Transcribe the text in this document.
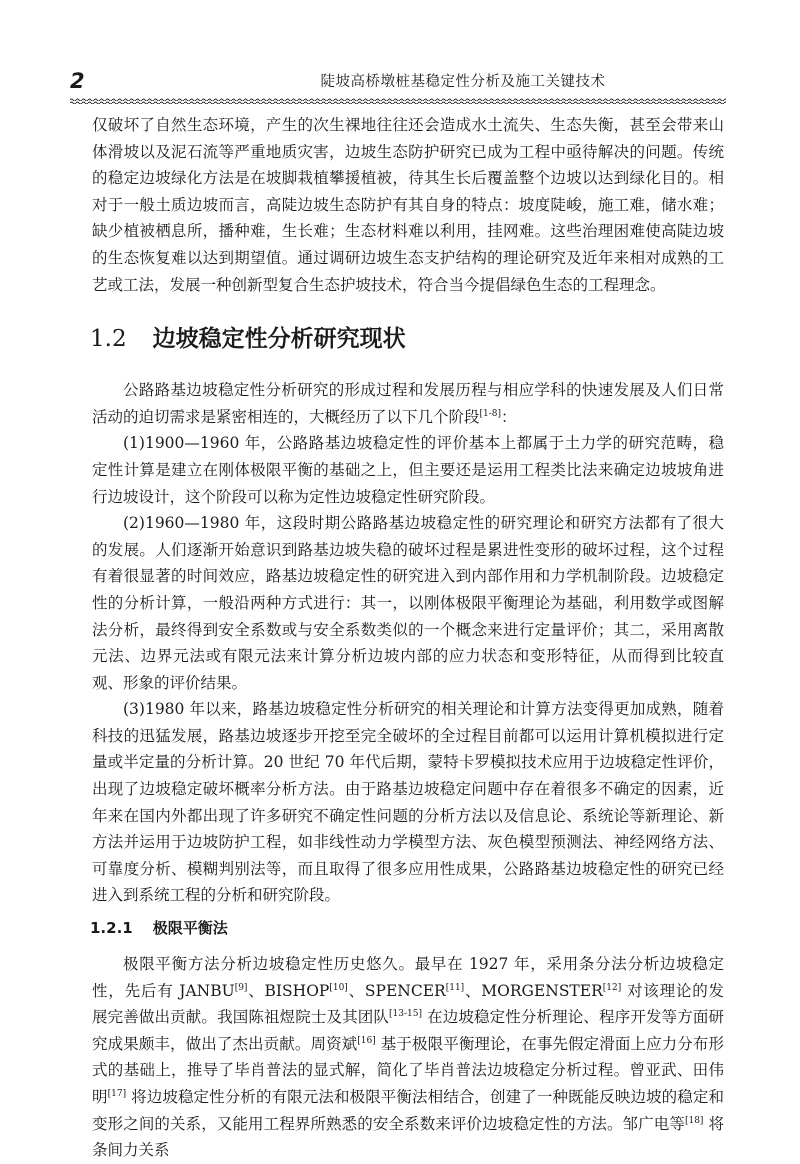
2	陡坡高桥墩桩基稳定性分析及施工关键技术

仅破坏了自然生态环境，产生的次生裸地往往还会造成水土流失、生态失衡，甚至会带来山体滑坡以及泥石流等严重地质灾害，边坡生态防护研究已成为工程中亟待解决的问题。传统的稳定边坡绿化方法是在坡脚栽植攀援植被，待其生长后覆盖整个边坡以达到绿化目的。相对于一般土质边坡而言，高陡边坡生态防护有其自身的特点：坡度陡峻，施工难，储水难；缺少植被栖息所，播种难，生长难；生态材料难以利用，挂网难。这些治理困难使高陡边坡的生态恢复难以达到期望值。通过调研边坡生态支护结构的理论研究及近年来相对成熟的工艺或工法，发展一种创新型复合生态护坡技术，符合当今提倡绿色生态的工程理念。

1.2 边坡稳定性分析研究现状

公路路基边坡稳定性分析研究的形成过程和发展历程与相应学科的快速发展及人们日常活动的迫切需求是紧密相连的，大概经历了以下几个阶段[1-8]：

(1)1900—1960 年，公路路基边坡稳定性的评价基本上都属于土力学的研究范畴，稳定性计算是建立在刚体极限平衡的基础之上，但主要还是运用工程类比法来确定边坡坡角进行边坡设计，这个阶段可以称为定性边坡稳定性研究阶段。

(2)1960—1980 年，这段时期公路路基边坡稳定性的研究理论和研究方法都有了很大的发展。人们逐渐开始意识到路基边坡失稳的破坏过程是累进性变形的破坏过程，这个过程有着很显著的时间效应，路基边坡稳定性的研究进入到内部作用和力学机制阶段。边坡稳定性的分析计算，一般沿两种方式进行：其一，以刚体极限平衡理论为基础，利用数学或图解法分析，最终得到安全系数或与安全系数类似的一个概念来进行定量评价；其二，采用离散元法、边界元法或有限元法来计算分析边坡内部的应力状态和变形特征，从而得到比较直观、形象的评价结果。

(3)1980 年以来，路基边坡稳定性分析研究的相关理论和计算方法变得更加成熟，随着科技的迅猛发展，路基边坡逐步开挖至完全破坏的全过程目前都可以运用计算机模拟进行定量或半定量的分析计算。20 世纪 70 年代后期，蒙特卡罗模拟技术应用于边坡稳定性评价，出现了边坡稳定破坏概率分析方法。由于路基边坡稳定问题中存在着很多不确定的因素，近年来在国内外都出现了许多研究不确定性问题的分析方法以及信息论、系统论等新理论、新方法并运用于边坡防护工程，如非线性动力学模型方法、灰色模型预测法、神经网络方法、可靠度分析、模糊判别法等，而且取得了很多应用性成果，公路路基边坡稳定性的研究已经进入到系统工程的分析和研究阶段。

1.2.1 极限平衡法

极限平衡方法分析边坡稳定性历史悠久。最早在 1927 年，采用条分法分析边坡稳定性，先后有 JANBU[9]、BISHOP[10]、SPENCER[11]、MORGENSTER[12] 对该理论的发展完善做出贡献。我国陈祖煜院士及其团队[13-15] 在边坡稳定性分析理论、程序开发等方面研究成果颇丰，做出了杰出贡献。周资斌[16] 基于极限平衡理论，在事先假定滑面上应力分布形式的基础上，推导了毕肖普法的显式解，简化了毕肖普法边坡稳定分析过程。曾亚武、田伟明[17] 将边坡稳定性分析的有限元法和极限平衡法相结合，创建了一种既能反映边坡的稳定和变形之间的关系，又能用工程界所熟悉的安全系数来评价边坡稳定性的方法。邹广电等[18] 将条间力关系
